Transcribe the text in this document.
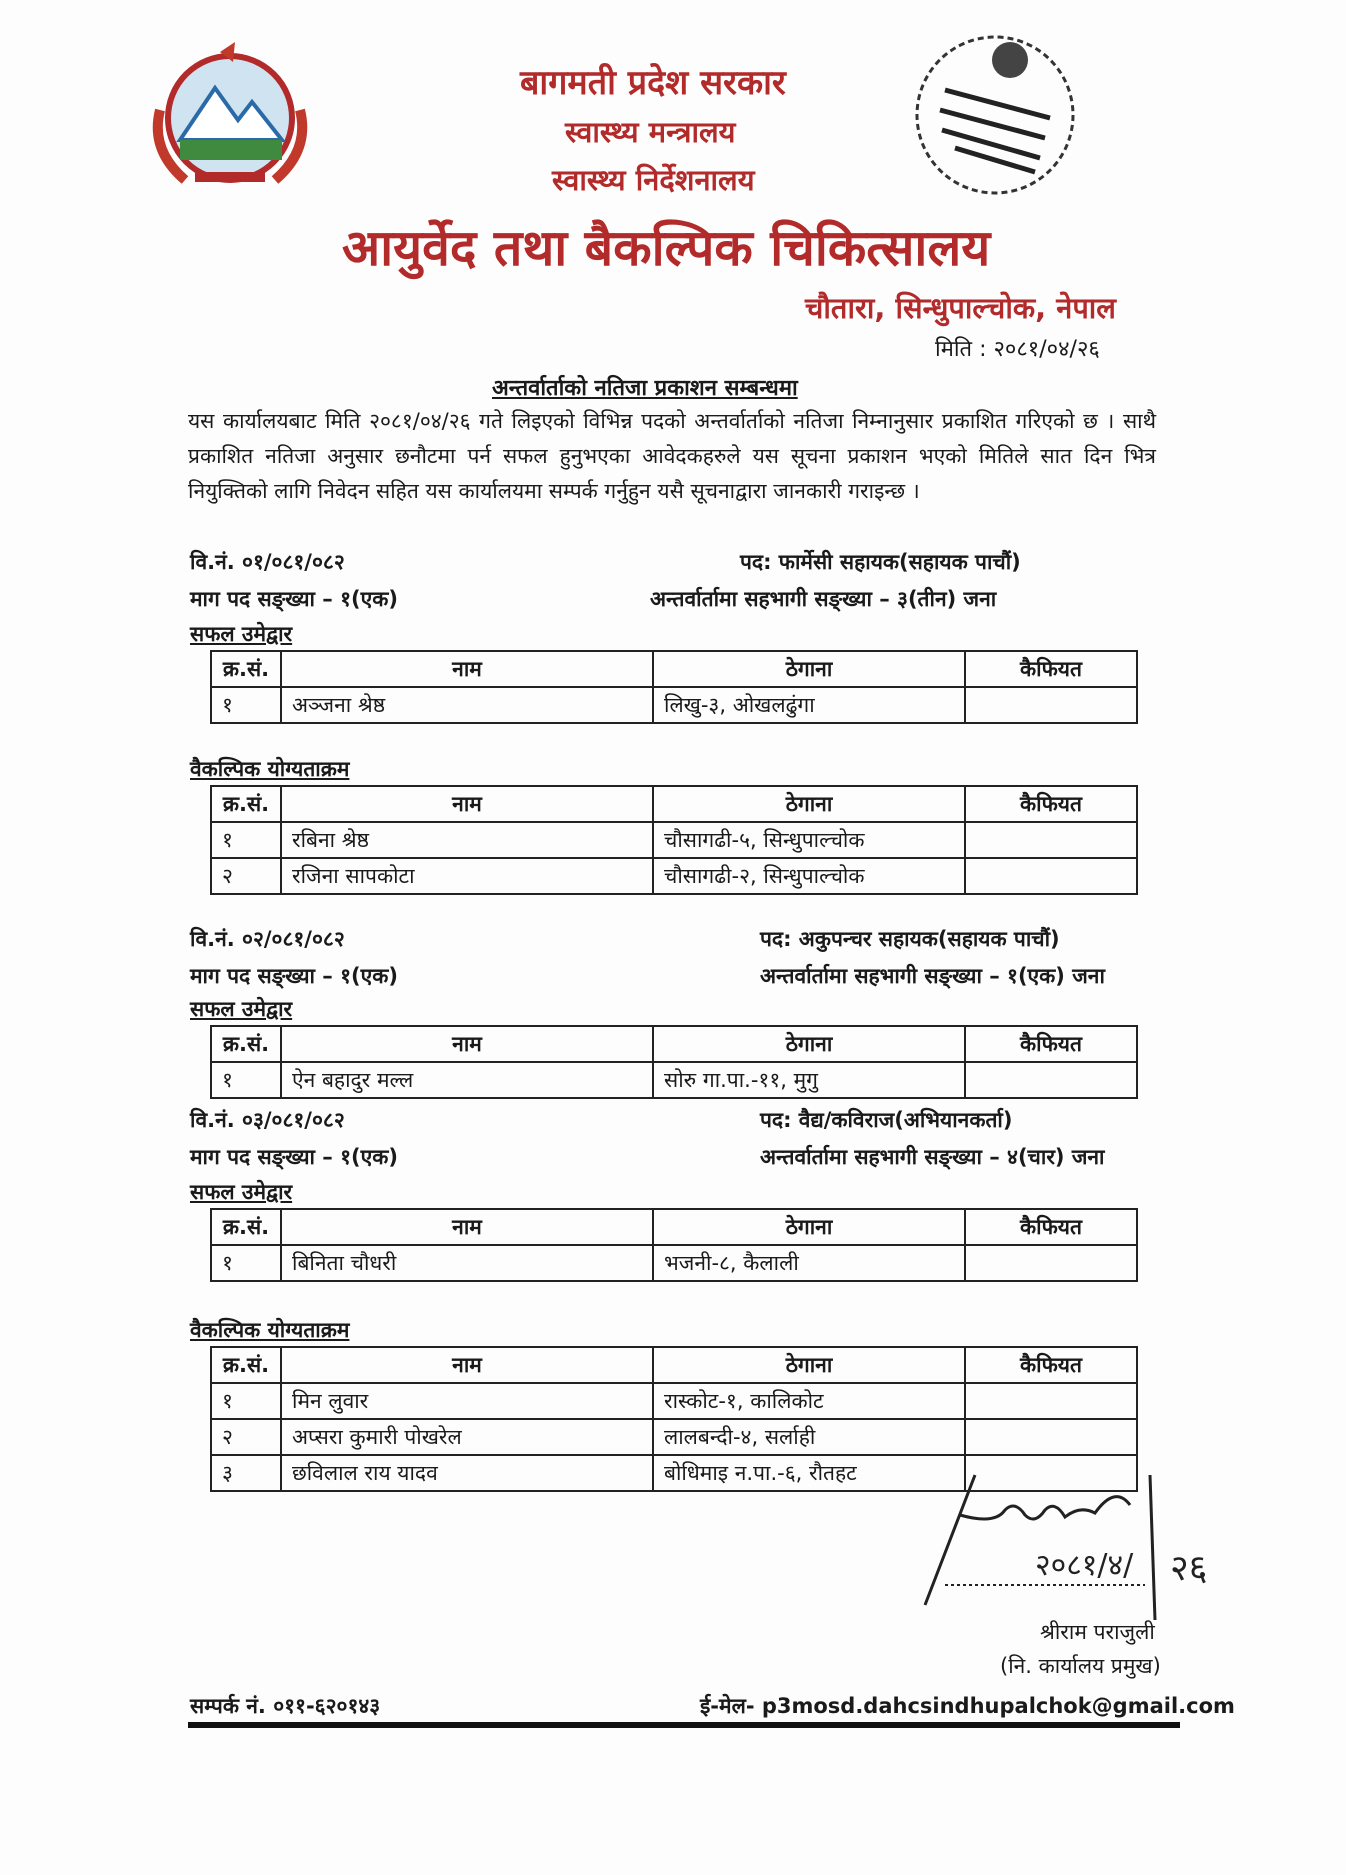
बागमती प्रदेश सरकार
स्वास्थ्य मन्त्रालय
स्वास्थ्य निर्देशनालय
आयुर्वेद तथा बैकल्पिक चिकित्सालय
चौतारा, सिन्धुपाल्चोक, नेपाल
मिति : २०८१/०४/२६
अन्तर्वार्ताको नतिजा प्रकाशन सम्बन्धमा
यस कार्यालयबाट मिति २०८१/०४/२६ गते लिइएको विभिन्न पदको अन्तर्वार्ताको नतिजा निम्नानुसार प्रकाशित गरिएको छ । साथै प्रकाशित नतिजा अनुसार छनौटमा पर्न सफल हुनुभएका आवेदकहरुले यस सूचना प्रकाशन भएको मितिले सात दिन भित्र नियुक्तिको लागि निवेदन सहित यस कार्यालयमा सम्पर्क गर्नुहुन यसै सूचनाद्वारा जानकारी गराइन्छ ।
वि.नं. ०१/०८१/०८२	पद: फार्मेसी सहायक(सहायक पाचौं)
माग पद सङ्ख्या – १(एक)	अन्तर्वार्तामा सहभागी सङ्ख्या – ३(तीन) जना
सफल उमेद्वार
क्र.सं.	नाम	ठेगाना	कैफियत
१	अञ्जना श्रेष्ठ	लिखु-३, ओखलढुंगा	
वैकल्पिक योग्यताक्रम
क्र.सं.	नाम	ठेगाना	कैफियत
१	रबिना श्रेष्ठ	चौसागढी-५, सिन्धुपाल्चोक	
२	रजिना सापकोटा	चौसागढी-२, सिन्धुपाल्चोक	
वि.नं. ०२/०८१/०८२	पद: अकुपन्चर सहायक(सहायक पाचौं)
माग पद सङ्ख्या – १(एक)	अन्तर्वार्तामा सहभागी सङ्ख्या – १(एक) जना
सफल उमेद्वार
क्र.सं.	नाम	ठेगाना	कैफियत
१	ऐन बहादुर मल्ल	सोरु गा.पा.-११, मुगु	
वि.नं. ०३/०८१/०८२	पद: वैद्य/कविराज(अभियानकर्ता)
माग पद सङ्ख्या – १(एक)	अन्तर्वार्तामा सहभागी सङ्ख्या – ४(चार) जना
सफल उमेद्वार
क्र.सं.	नाम	ठेगाना	कैफियत
१	बिनिता चौधरी	भजनी-८, कैलाली	
वैकल्पिक योग्यताक्रम
क्र.सं.	नाम	ठेगाना	कैफियत
१	मिन लुवार	रास्कोट-१, कालिकोट	
२	अप्सरा कुमारी पोखरेल	लालबन्दी-४, सर्लाही	
३	छविलाल राय यादव	बोधिमाइ न.पा.-६, रौतहट	
२०८१/४/ २६
श्रीराम पराजुली
(नि. कार्यालय प्रमुख)
सम्पर्क नं. ०११-६२०१४३	ई-मेल- p3mosd.dahcsindhupalchok@gmail.com
